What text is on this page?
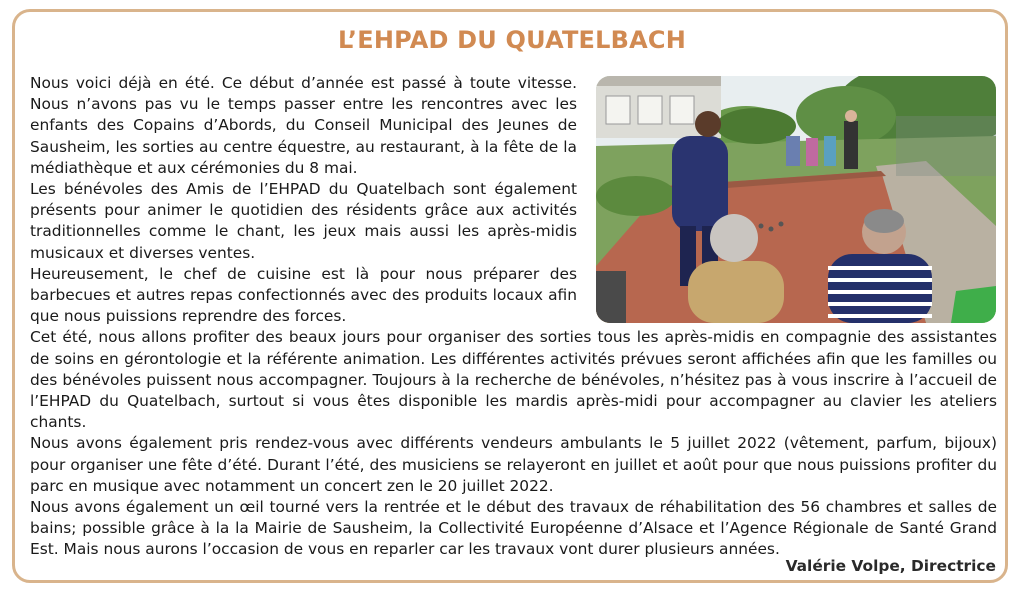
L’EHPAD DU QUATELBACH

Nous voici déjà en été. Ce début d’année est passé à toute vitesse. Nous n’avons pas vu le temps passer entre les rencontres avec les enfants des Copains d’Abords, du Conseil Municipal des Jeunes de Sausheim, les sorties au centre équestre, au restaurant, à la fête de la médiathèque et aux cérémonies du 8 mai.

Les bénévoles des Amis de l’EHPAD du Quatelbach sont également présents pour animer le quotidien des résidents grâce aux activités traditionnelles comme le chant, les jeux mais aussi les après-midis musicaux et diverses ventes.

Heureusement, le chef de cuisine est là pour nous préparer des barbecues et autres repas confectionnés avec des produits locaux afin que nous puissions reprendre des forces.

Cet été, nous allons profiter des beaux jours pour organiser des sorties tous les après-midis en compagnie des assistantes de soins en gérontologie et la référente animation. Les différentes activités prévues seront affichées afin que les familles ou des bénévoles puissent nous accompagner. Toujours à la recherche de bénévoles, n’hésitez pas à vous inscrire à l’accueil de l’EHPAD du Quatelbach, surtout si vous êtes disponible les mardis après-midi pour accompagner au clavier les ateliers chants.

Nous avons également pris rendez-vous avec différents vendeurs ambulants le 5 juillet 2022 (vêtement, parfum, bijoux) pour organiser une fête d’été. Durant l’été, des musiciens se relayeront en juillet et août pour que nous puissions profiter du parc en musique avec notamment un concert zen le 20 juillet 2022.

Nous avons également un œil tourné vers la rentrée et le début des travaux de réhabilitation des 56 chambres et salles de bains; possible grâce à la la Mairie de Sausheim, la Collectivité Européenne d’Alsace et l’Agence Régionale de Santé Grand Est. Mais nous aurons l’occasion de vous en reparler car les travaux vont durer plusieurs années.

Valérie Volpe, Directrice
